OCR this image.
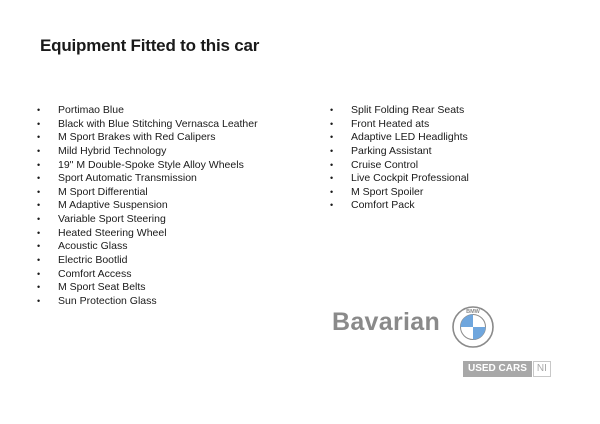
Equipment Fitted to this car
• Portimao Blue
• Black with Blue Stitching Vernasca Leather
• M Sport Brakes with Red Calipers
• Mild Hybrid Technology
• 19" M Double-Spoke Style Alloy Wheels
• Sport Automatic Transmission
• M Sport Differential
• M Adaptive Suspension
• Variable Sport Steering
• Heated Steering Wheel
• Acoustic Glass
• Electric Bootlid
• Comfort Access
• M Sport Seat Belts
• Sun Protection Glass
• Split Folding Rear Seats
• Front Heated ats
• Adaptive LED Headlights
• Parking Assistant
• Cruise Control
• Live Cockpit Professional
• M Sport Spoiler
• Comfort Pack
Bavarian	BMW
USED CARS	NI
